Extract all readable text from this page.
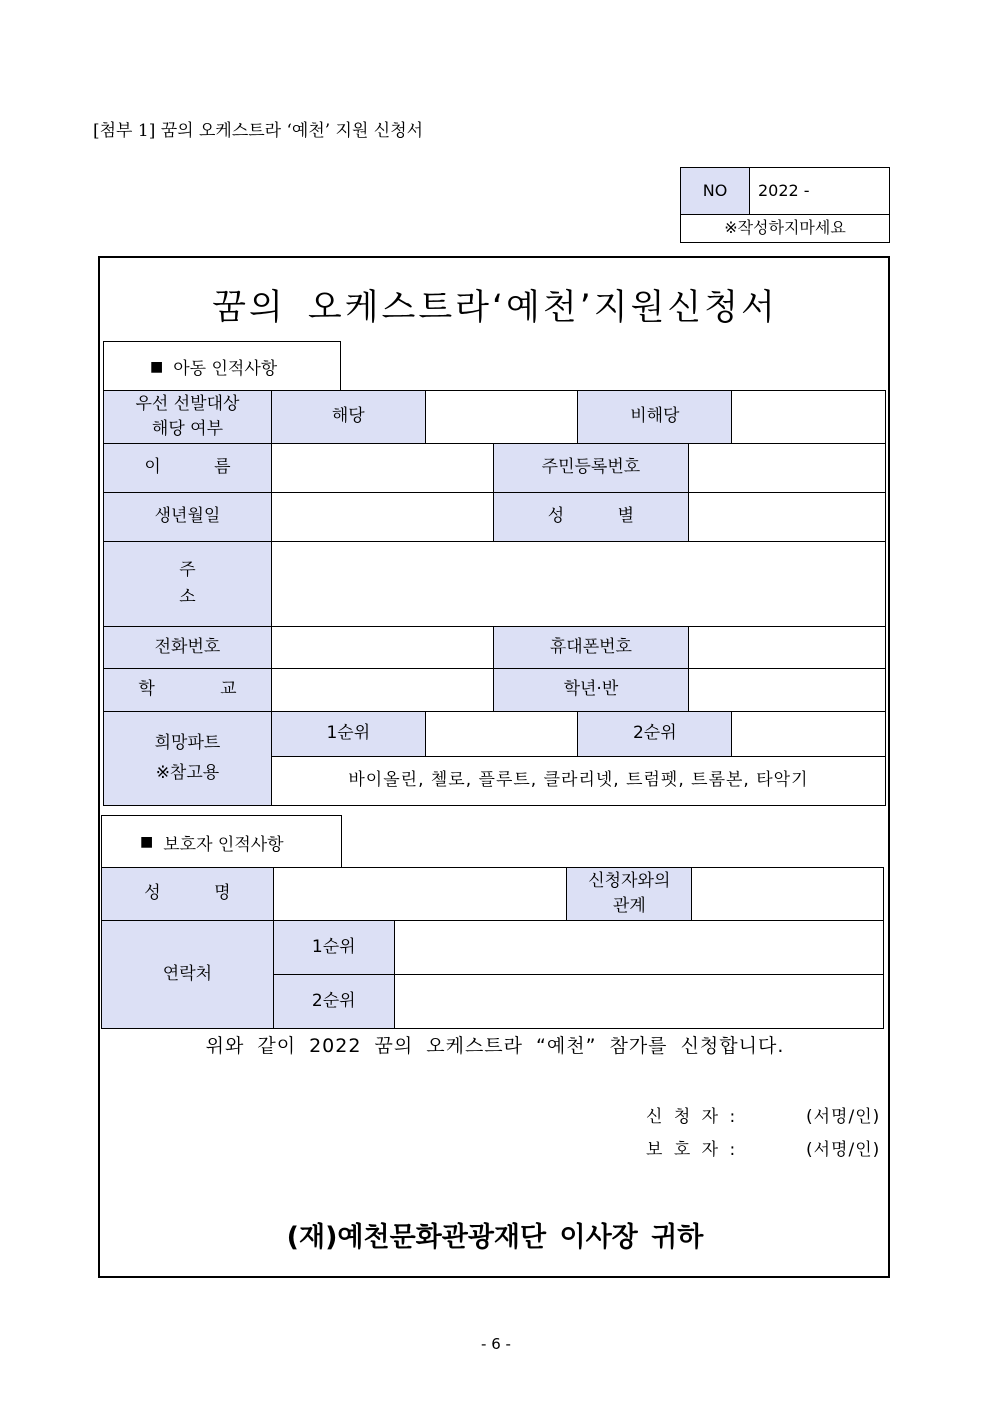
[첨부 1] 꿈의 오케스트라 ‘예천’ 지원 신청서
NO	2022 -
※작성하지마세요
꿈의 오케스트라‘예천’지원신청서
■ 아동 인적사항
우선 선발대상
해당 여부	해당			비해당		
이 름			주민등록번호			
생년월일			성 별			
주 소						
전화번호			휴대폰번호			
학 교			학년·반			

희망파트
※참고용	1순위			2순위		
	바이올린, 첼로, 플루트, 클라리넷, 트럼펫, 트롬본, 타악기					
■ 보호자 인적사항
성 명			신청자와의
관계	

연락처	1순위			
	2순위			
위와 같이 2022 꿈의 오케스트라 “예천” 참가를 신청합니다.
신 청 자 :	(서명/인)
보 호 자 :	(서명/인)
(재)예천문화관광재단 이사장 귀하
- 6 -
